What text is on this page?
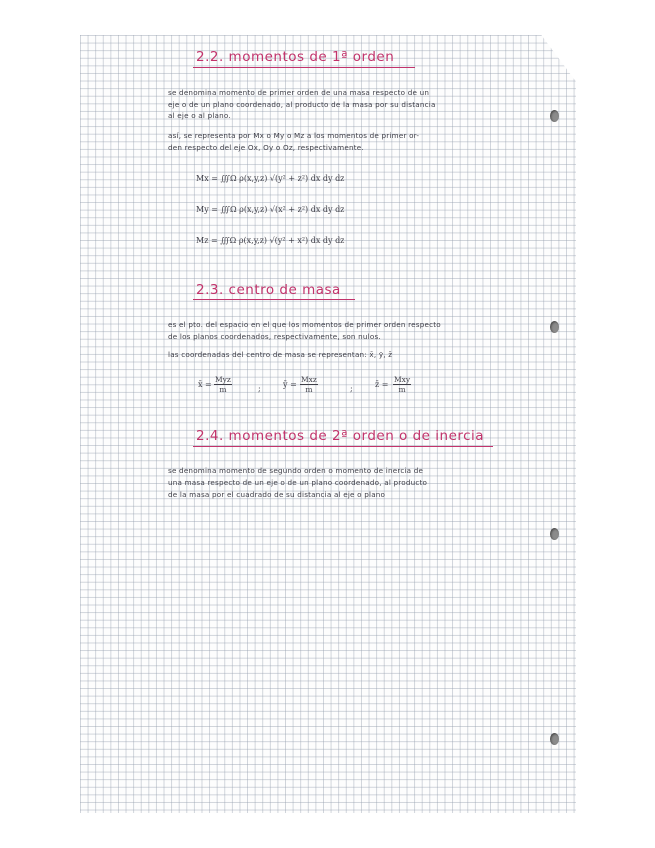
2.2. momentos de 1ª orden
se denomina momento de primer orden de una masa respecto de un
eje o de un plano coordenado, al producto de la masa por su distancia
al eje o al plano.
así, se representa por Mx o My o Mz a los momentos de primer or-
den respecto del eje Ox, Oy o Oz, respectivamente.
Mx = ∭Ω ρ(x,y,z) √(y² + z²) dx dy dz
My = ∭Ω ρ(x,y,z) √(x² + z²) dx dy dz
Mz = ∭Ω ρ(x,y,z) √(y² + x²) dx dy dz
2.3. centro de masa
es el pto. del espacio en el que los momentos de primer orden respecto
de los planos coordenados, respectivamente, son nulos.
las coordenadas del centro de masa se representan: x̄, ȳ, z̄
x̄ =
Myz
m	;	ȳ =
Mxz
m	;	z̄ =
Mxy
m
2.4. momentos de 2ª orden o de inercia
se denomina momento de segundo orden o momento de inercia de
una masa respecto de un eje o de un plano coordenado, al producto
de la masa por el cuadrado de su distancia al eje o plano
